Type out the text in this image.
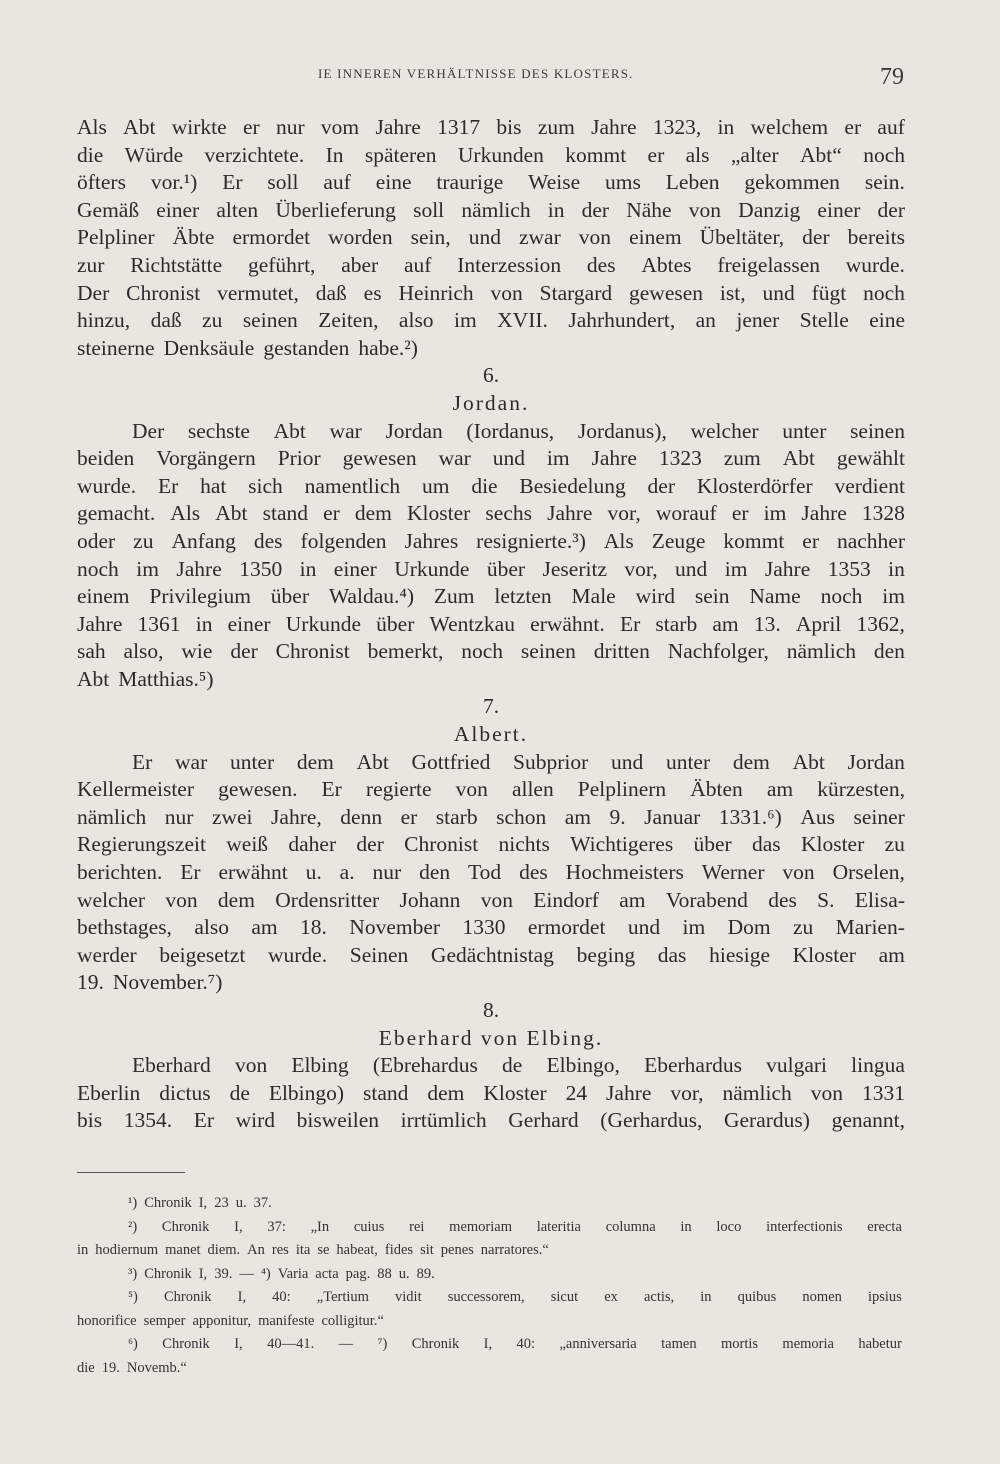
IE INNEREN VERHÄLTNISSE DES KLOSTERS.	79
Als Abt wirkte er nur vom Jahre 1317 bis zum Jahre 1323, in welchem er auf
die Würde verzichtete. In späteren Urkunden kommt er als „alter Abt“ noch
öfters vor.¹) Er soll auf eine traurige Weise ums Leben gekommen sein.
Gemäß einer alten Überlieferung soll nämlich in der Nähe von Danzig einer der
Pelpliner Äbte ermordet worden sein, und zwar von einem Übeltäter, der bereits
zur Richtstätte geführt, aber auf Interzession des Abtes freigelassen wurde.
Der Chronist vermutet, daß es Heinrich von Stargard gewesen ist, und fügt noch
hinzu, daß zu seinen Zeiten, also im XVII. Jahrhundert, an jener Stelle eine
steinerne Denksäule gestanden habe.²)
6.
Jordan.
Der sechste Abt war Jordan (Iordanus, Jordanus), welcher unter seinen
beiden Vorgängern Prior gewesen war und im Jahre 1323 zum Abt gewählt
wurde. Er hat sich namentlich um die Besiedelung der Klosterdörfer verdient
gemacht. Als Abt stand er dem Kloster sechs Jahre vor, worauf er im Jahre 1328
oder zu Anfang des folgenden Jahres resignierte.³) Als Zeuge kommt er nachher
noch im Jahre 1350 in einer Urkunde über Jeseritz vor, und im Jahre 1353 in
einem Privilegium über Waldau.⁴) Zum letzten Male wird sein Name noch im
Jahre 1361 in einer Urkunde über Wentzkau erwähnt. Er starb am 13. April 1362,
sah also, wie der Chronist bemerkt, noch seinen dritten Nachfolger, nämlich den
Abt Matthias.⁵)
7.
Albert.
Er war unter dem Abt Gottfried Subprior und unter dem Abt Jordan
Kellermeister gewesen. Er regierte von allen Pelplinern Äbten am kürzesten,
nämlich nur zwei Jahre, denn er starb schon am 9. Januar 1331.⁶) Aus seiner
Regierungszeit weiß daher der Chronist nichts Wichtigeres über das Kloster zu
berichten. Er erwähnt u. a. nur den Tod des Hochmeisters Werner von Orselen,
welcher von dem Ordensritter Johann von Eindorf am Vorabend des S. Elisa-
bethstages, also am 18. November 1330 ermordet und im Dom zu Marien-
werder beigesetzt wurde. Seinen Gedächtnistag beging das hiesige Kloster am
19. November.⁷)
8.
Eberhard von Elbing.
Eberhard von Elbing (Ebrehardus de Elbingo, Eberhardus vulgari lingua
Eberlin dictus de Elbingo) stand dem Kloster 24 Jahre vor, nämlich von 1331
bis 1354. Er wird bisweilen irrtümlich Gerhard (Gerhardus, Gerardus) genannt,
¹) Chronik I, 23 u. 37.
²) Chronik I, 37: „In cuius rei memoriam lateritia columna in loco interfectionis erecta
in hodiernum manet diem. An res ita se habeat, fides sit penes narratores.“
³) Chronik I, 39. — ⁴) Varia acta pag. 88 u. 89.
⁵) Chronik I, 40: „Tertium vidit successorem, sicut ex actis, in quibus nomen ipsius
honorifice semper apponitur, manifeste colligitur.“
⁶) Chronik I, 40—41. — ⁷) Chronik I, 40: „anniversaria tamen mortis memoria habetur
die 19. Novemb.“
